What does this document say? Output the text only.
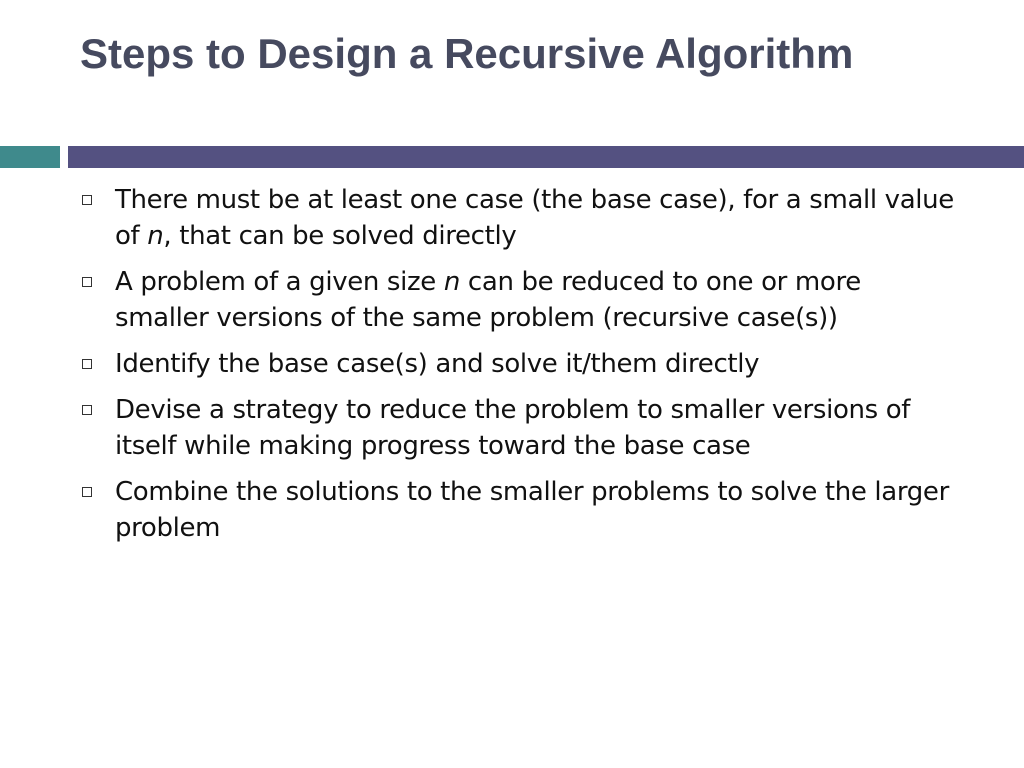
Steps to Design a Recursive Algorithm
There must be at least one case (the base case), for a small value of n, that can be solved directly
A problem of a given size n can be reduced to one or more smaller versions of the same problem (recursive case(s))
Identify the base case(s) and solve it/them directly
Devise a strategy to reduce the problem to smaller versions of itself while making progress toward the base case
Combine the solutions to the smaller problems to solve the larger problem
